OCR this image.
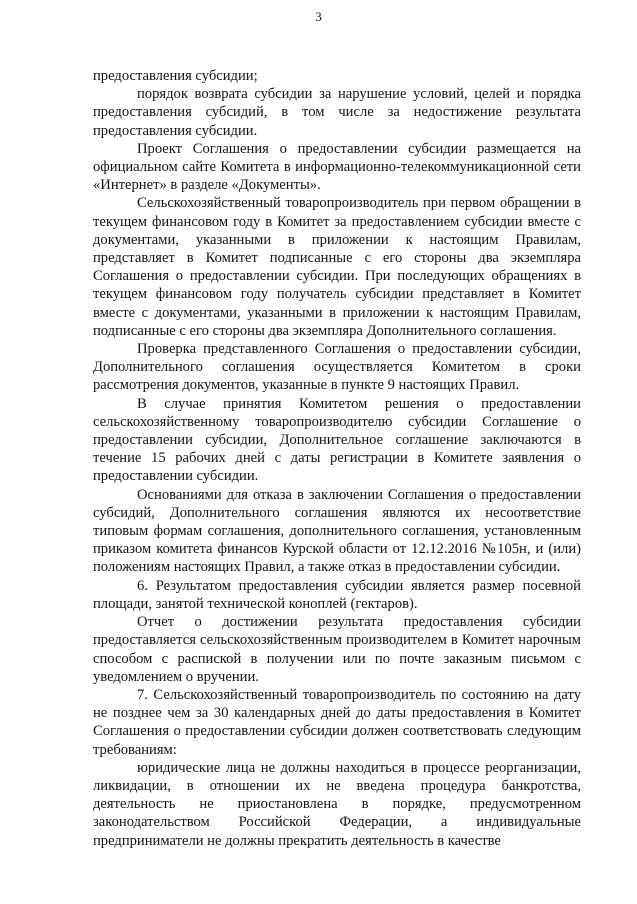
3

предоставления субсидии;

порядок возврата субсидии за нарушение условий, целей и порядка предоставления субсидий, в том числе за недостижение результата предоставления субсидии.

Проект Соглашения о предоставлении субсидии размещается на официальном сайте Комитета в информационно-телекоммуникационной сети «Интернет» в разделе «Документы».

Сельскохозяйственный товаропроизводитель при первом обращении в текущем финансовом году в Комитет за предоставлением субсидии вместе с документами, указанными в приложении к настоящим Правилам, представляет в Комитет подписанные с его стороны два экземпляра Соглашения о предоставлении субсидии. При последующих обращениях в текущем финансовом году получатель субсидии представляет в Комитет вместе с документами, указанными в приложении к настоящим Правилам, подписанные с его стороны два экземпляра Дополнительного соглашения.

Проверка представленного Соглашения о предоставлении субсидии, Дополнительного соглашения осуществляется Комитетом в сроки рассмотрения документов, указанные в пункте 9 настоящих Правил.

В случае принятия Комитетом решения о предоставлении сельскохозяйственному товаропроизводителю субсидии Соглашение о предоставлении субсидии, Дополнительное соглашение заключаются в течение 15 рабочих дней с даты регистрации в Комитете заявления о предоставлении субсидии.

Основаниями для отказа в заключении Соглашения о предоставлении субсидий, Дополнительного соглашения являются их несоответствие типовым формам соглашения, дополнительного соглашения, установленным приказом комитета финансов Курской области от 12.12.2016 №105н, и (или) положениям настоящих Правил, а также отказ в предоставлении субсидии.

6. Результатом предоставления субсидии является размер посевной площади, занятой технической коноплей (гектаров).

Отчет о достижении результата предоставления субсидии предоставляется сельскохозяйственным производителем в Комитет нарочным способом с распиской в получении или по почте заказным письмом с уведомлением о вручении.

7. Сельскохозяйственный товаропроизводитель по состоянию на дату не позднее чем за 30 календарных дней до даты предоставления в Комитет Соглашения о предоставлении субсидии должен соответствовать следующим требованиям:

юридические лица не должны находиться в процессе реорганизации, ликвидации, в отношении их не введена процедура банкротства, деятельность не приостановлена в порядке, предусмотренном законодательством Российской Федерации, а индивидуальные предприниматели не должны прекратить деятельность в качестве
